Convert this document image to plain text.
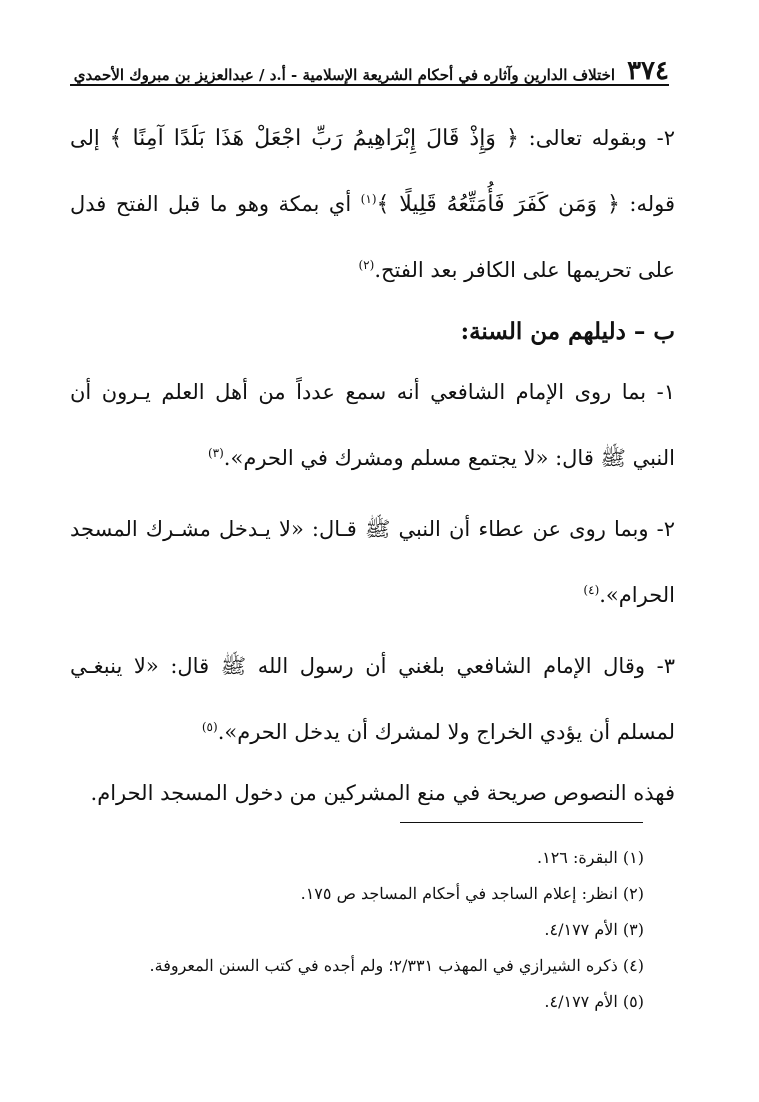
٣٧٤
اختلاف الدارين وآثاره في أحكام الشريعة الإسلامية - أ.د / عبدالعزيز بن مبروك الأحمدي

٢- وبقوله تعالى: ﴿ وَإِذْ قَالَ إِبْرَاهِيمُ رَبِّ اجْعَلْ هَذَا بَلَدًا آمِنًا ﴾ إلى قوله: ﴿ وَمَن كَفَرَ فَأُمَتِّعُهُ قَلِيلًا ﴾$^{(١)}$ أي بمكة وهو ما قبل الفتح فدل على تحريمها على الكافر بعد الفتح.$^{(٢)}$

ب – دليلهم من السنة:

١- بما روى الإمام الشافعي أنه سمع عدداً من أهل العلم يـرون أن النبي ﷺ قال: «لا يجتمع مسلم ومشرك في الحرم».$^{(٣)}$

٢- وبما روى عن عطاء أن النبي ﷺ قـال: «لا يـدخل مشـرك المسجد الحرام».$^{(٤)}$

٣- وقال الإمام الشافعي بلغني أن رسول الله ﷺ قال: «لا ينبغـي لمسلم أن يؤدي الخراج ولا لمشرك أن يدخل الحرم».$^{(٥)}$

فهذه النصوص صريحة في منع المشركين من دخول المسجد الحرام.

(١) البقرة: ١٢٦.
(٢) انظر: إعلام الساجد في أحكام المساجد ص ١٧٥.
(٣) الأم ٤/١٧٧.
(٤) ذكره الشيرازي في المهذب ٢/٣٣١؛ ولم أجده في كتب السنن المعروفة.
(٥) الأم ٤/١٧٧.
